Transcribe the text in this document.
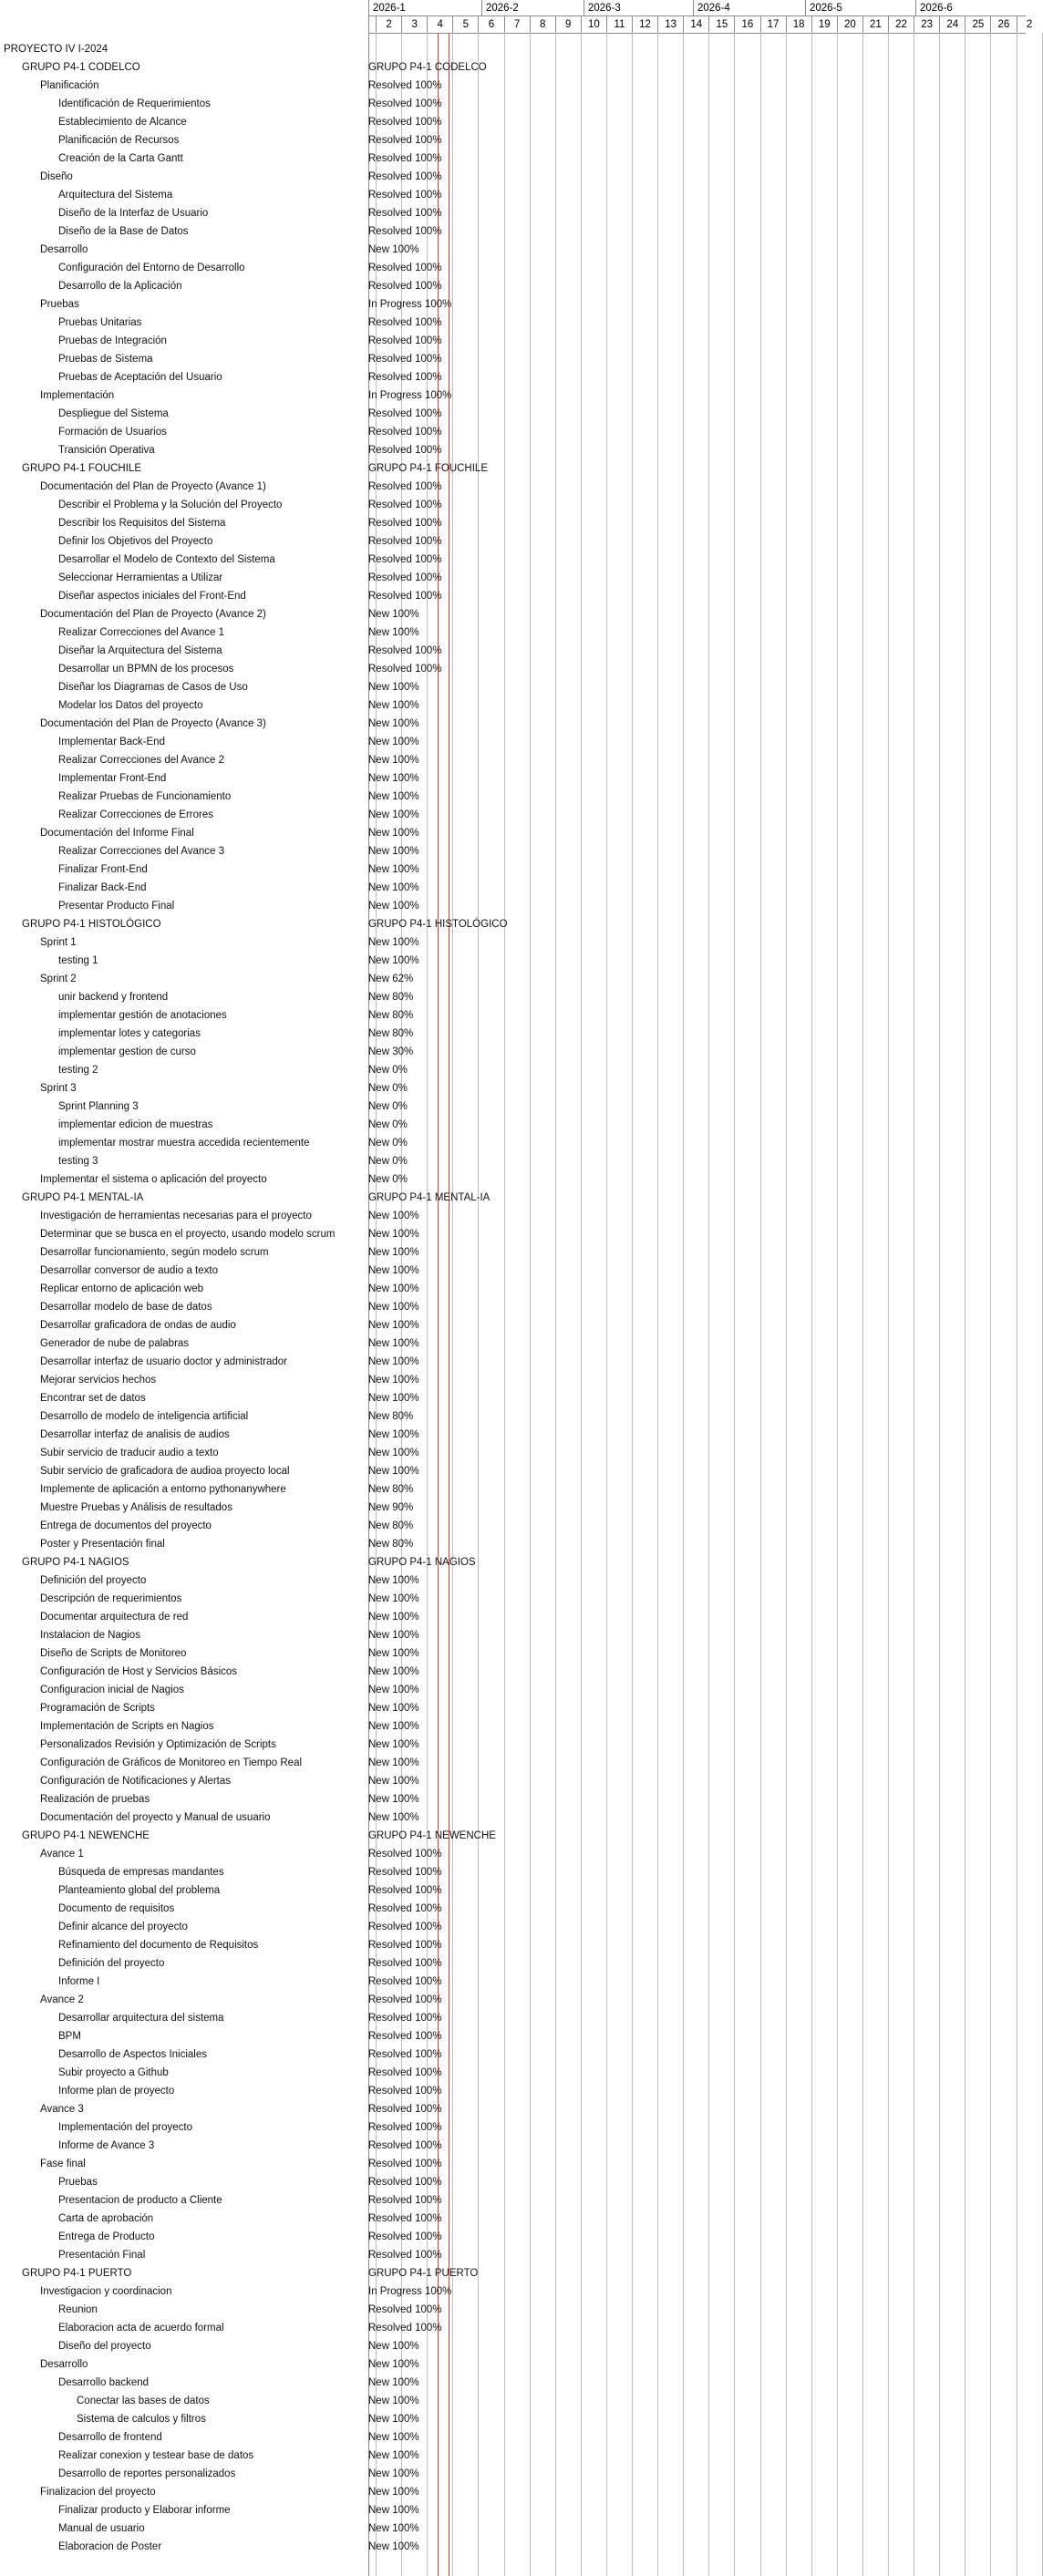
2026-1	2026-2	2026-3	2026-4	2026-5	2026-6
2	3	4	5	6	7	8	9	10	11	12	13	14	15	16	17	18	19	20	21	22	23	24	25	26	2
PROYECTO IV I-2024
GRUPO P4-1 CODELCO	GRUPO P4-1 CODELCO
Planificación	Resolved 100%
Identificación de Requerimientos	Resolved 100%
Establecimiento de Alcance	Resolved 100%
Planificación de Recursos	Resolved 100%
Creación de la Carta Gantt	Resolved 100%
Diseño	Resolved 100%
Arquitectura del Sistema	Resolved 100%
Diseño de la Interfaz de Usuario	Resolved 100%
Diseño de la Base de Datos	Resolved 100%
Desarrollo	New 100%
Configuración del Entorno de Desarrollo	Resolved 100%
Desarrollo de la Aplicación	Resolved 100%
Pruebas	In Progress 100%
Pruebas Unitarias	Resolved 100%
Pruebas de Integración	Resolved 100%
Pruebas de Sistema	Resolved 100%
Pruebas de Aceptación del Usuario	Resolved 100%
Implementación	In Progress 100%
Despliegue del Sistema	Resolved 100%
Formación de Usuarios	Resolved 100%
Transición Operativa	Resolved 100%
GRUPO P4-1 FOUCHILE	GRUPO P4-1 FOUCHILE
Documentación del Plan de Proyecto (Avance 1)	Resolved 100%
Describir el Problema y la Solución del Proyecto	Resolved 100%
Describir los Requisitos del Sistema	Resolved 100%
Definir los Objetivos del Proyecto	Resolved 100%
Desarrollar el Modelo de Contexto del Sistema	Resolved 100%
Seleccionar Herramientas a Utilizar	Resolved 100%
Diseñar aspectos iniciales del Front-End	Resolved 100%
Documentación del Plan de Proyecto (Avance 2)	New 100%
Realizar Correcciones del Avance 1	New 100%
Diseñar la Arquitectura del Sistema	Resolved 100%
Desarrollar un BPMN de los procesos	Resolved 100%
Diseñar los Diagramas de Casos de Uso	New 100%
Modelar los Datos del proyecto	New 100%
Documentación del Plan de Proyecto (Avance 3)	New 100%
Implementar Back-End	New 100%
Realizar Correcciones del Avance 2	New 100%
Implementar Front-End	New 100%
Realizar Pruebas de Funcionamiento	New 100%
Realizar Correcciones de Errores	New 100%
Documentación del Informe Final	New 100%
Realizar Correcciones del Avance 3	New 100%
Finalizar Front-End	New 100%
Finalizar Back-End	New 100%
Presentar Producto Final	New 100%
GRUPO P4-1 HISTOLÓGICO	GRUPO P4-1 HISTOLÓGICO
Sprint 1	New 100%
testing 1	New 100%
Sprint 2	New 62%
unir backend y frontend	New 80%
implementar gestión de anotaciones	New 80%
implementar lotes y categorias	New 80%
implementar gestion de curso	New 30%
testing 2	New 0%
Sprint 3	New 0%
Sprint Planning 3	New 0%
implementar edicion de muestras	New 0%
implementar mostrar muestra accedida recientemente	New 0%
testing 3	New 0%
Implementar el sistema o aplicación del proyecto	New 0%
GRUPO P4-1 MENTAL-IA	GRUPO P4-1 MENTAL-IA
Investigación de herramientas necesarias para el proyecto	New 100%
Determinar que se busca en el proyecto, usando modelo scrum	New 100%
Desarrollar funcionamiento, según modelo scrum	New 100%
Desarrollar conversor de audio a texto	New 100%
Replicar entorno de aplicación web	New 100%
Desarrollar modelo de base de datos	New 100%
Desarrollar graficadora de ondas de audio	New 100%
Generador de nube de palabras	New 100%
Desarrollar interfaz de usuario doctor y administrador	New 100%
Mejorar servicios hechos	New 100%
Encontrar set de datos	New 100%
Desarrollo de modelo de inteligencia artificial	New 80%
Desarrollar interfaz de analisis de audios	New 100%
Subir servicio de traducir audio a texto	New 100%
Subir servicio de graficadora de audioa proyecto local	New 100%
Implemente de aplicación a entorno pythonanywhere	New 80%
Muestre Pruebas y Análisis de resultados	New 90%
Entrega de documentos del proyecto	New 80%
Poster y Presentación final	New 80%
GRUPO P4-1 NAGIOS	GRUPO P4-1 NAGIOS
Definición del proyecto	New 100%
Descripción de requerimientos	New 100%
Documentar arquitectura de red	New 100%
Instalacion de Nagios	New 100%
Diseño de Scripts de Monitoreo	New 100%
Configuración de Host y Servicios Básicos	New 100%
Configuracion inicial de Nagios	New 100%
Programación de Scripts	New 100%
Implementación de Scripts en Nagios	New 100%
Personalizados Revisión y Optimización de Scripts	New 100%
Configuración de Gráficos de Monitoreo en Tiempo Real	New 100%
Configuración de Notificaciones y Alertas	New 100%
Realización de pruebas	New 100%
Documentación del proyecto y Manual de usuario	New 100%
GRUPO P4-1 NEWENCHE	GRUPO P4-1 NEWENCHE
Avance 1	Resolved 100%
Búsqueda de empresas mandantes	Resolved 100%
Planteamiento global del problema	Resolved 100%
Documento de requisitos	Resolved 100%
Definir alcance del proyecto	Resolved 100%
Refinamiento del documento de Requisitos	Resolved 100%
Definición del proyecto	Resolved 100%
Informe I	Resolved 100%
Avance 2	Resolved 100%
Desarrollar arquitectura del sistema	Resolved 100%
BPM	Resolved 100%
Desarrollo de Aspectos Iniciales	Resolved 100%
Subir proyecto a Github	Resolved 100%
Informe plan de proyecto	Resolved 100%
Avance 3	Resolved 100%
Implementación del proyecto	Resolved 100%
Informe de Avance 3	Resolved 100%
Fase final	Resolved 100%
Pruebas	Resolved 100%
Presentacion de producto a Cliente	Resolved 100%
Carta de aprobación	Resolved 100%
Entrega de Producto	Resolved 100%
Presentación Final	Resolved 100%
GRUPO P4-1 PUERTO	GRUPO P4-1 PUERTO
Investigacion y coordinacion	In Progress 100%
Reunion	Resolved 100%
Elaboracion acta de acuerdo formal	Resolved 100%
Diseño del proyecto	New 100%
Desarrollo	New 100%
Desarrollo backend	New 100%
Conectar las bases de datos	New 100%
Sistema de calculos y filtros	New 100%
Desarrollo de frontend	New 100%
Realizar conexion y testear base de datos	New 100%
Desarrollo de reportes personalizados	New 100%
Finalizacion del proyecto	New 100%
Finalizar producto y Elaborar informe	New 100%
Manual de usuario	New 100%
Elaboracion de Poster	New 100%
